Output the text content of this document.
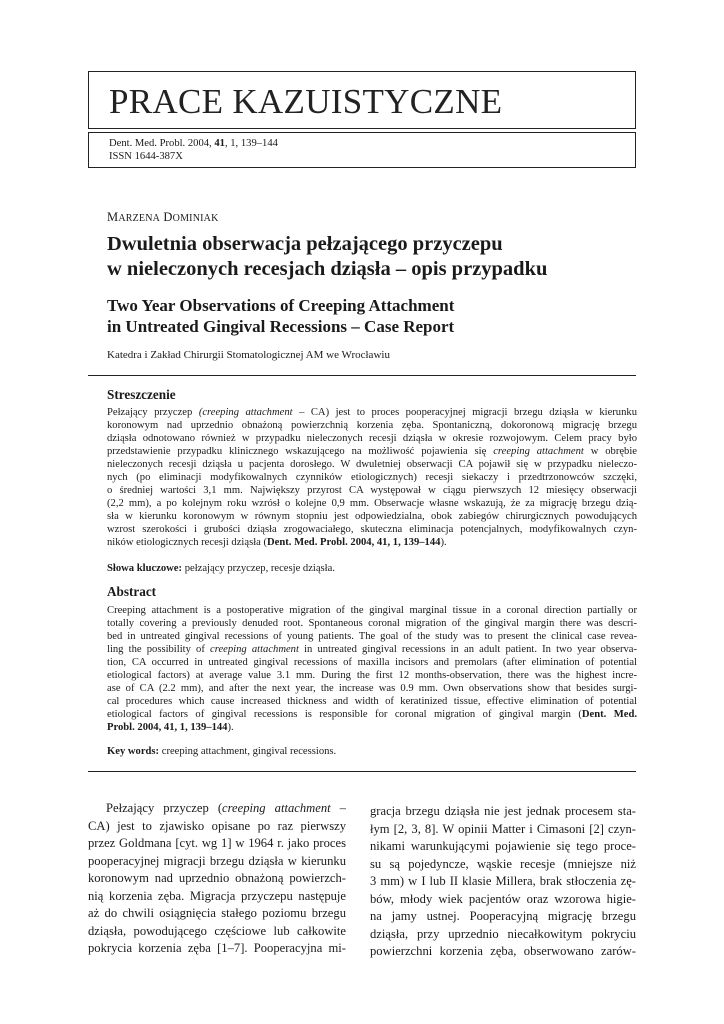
PRACE KAZUISTYCZNE
Dent. Med. Probl. 2004, 41, 1, 139–144
ISSN 1644-387X
MARZENA DOMINIAK
Dwuletnia obserwacja pełzającego przyczepu
w nieleczonych recesjach dziąsła – opis przypadku
Two Year Observations of Creeping Attachment
in Untreated Gingival Recessions – Case Report
Katedra i Zakład Chirurgii Stomatologicznej AM we Wrocławiu
Streszczenie
Pełzający przyczep (creeping attachment – CA) jest to proces pooperacyjnej migracji brzegu dziąsła w kierunku
koronowym nad uprzednio obnażoną powierzchnią korzenia zęba. Spontaniczną, dokoronową migrację brzegu
dziąsła odnotowano również w przypadku nieleczonych recesji dziąsła w okresie rozwojowym. Celem pracy było
przedstawienie przypadku klinicznego wskazującego na możliwość pojawienia się creeping attachment w obrębie
nieleczonych recesji dziąsła u pacjenta dorosłego. W dwuletniej obserwacji CA pojawił się w przypadku nieleczo-
nych (po eliminacji modyfikowalnych czynników etiologicznych) recesji siekaczy i przedtrzonowców szczęki,
o średniej wartości 3,1 mm. Największy przyrost CA występował w ciągu pierwszych 12 miesięcy obserwacji
(2,2 mm), a po kolejnym roku wzrósł o kolejne 0,9 mm. Obserwacje własne wskazują, że za migrację brzegu dzią-
sła w kierunku koronowym w równym stopniu jest odpowiedzialna, obok zabiegów chirurgicznych powodujących
wzrost szerokości i grubości dziąsła zrogowaciałego, skuteczna eliminacja potencjalnych, modyfikowalnych czyn-
ników etiologicznych recesji dziąsła (Dent. Med. Probl. 2004, 41, 1, 139–144).
Słowa kluczowe: pełzający przyczep, recesje dziąsła.
Abstract
Creeping attachment is a postoperative migration of the gingival marginal tissue in a coronal direction partially or
totally covering a previously denuded root. Spontaneous coronal migration of the gingival margin there was descri-
bed in untreated gingival recessions of young patients. The goal of the study was to present the clinical case revea-
ling the possibility of creeping attachment in untreated gingival recessions in an adult patient. In two year observa-
tion, CA occurred in untreated gingival recessions of maxilla incisors and premolars (after elimination of potential
etiological factors) at average value 3.1 mm. During the first 12 months-observation, there was the highest incre-
ase of CA (2.2 mm), and after the next year, the increase was 0.9 mm. Own observations show that besides surgi-
cal procedures which cause increased thickness and width of keratinized tissue, effective elimination of potential
etiological factors of gingival recessions is responsible for coronal migration of gingival margin (Dent. Med.
Probl. 2004, 41, 1, 139–144).
Key words: creeping attachment, gingival recessions.
Pełzający przyczep (creeping attachment –
CA) jest to zjawisko opisane po raz pierwszy
przez Goldmana [cyt. wg 1] w 1964 r. jako proces
pooperacyjnej migracji brzegu dziąsła w kierunku
koronowym nad uprzednio obnażoną powierzch-
nią korzenia zęba. Migracja przyczepu następuje
aż do chwili osiągnięcia stałego poziomu brzegu
dziąsła, powodującego częściowe lub całkowite
pokrycia korzenia zęba [1–7]. Pooperacyjna mi-
gracja brzegu dziąsła nie jest jednak procesem sta-
łym [2, 3, 8]. W opinii Matter i Cimasoni [2] czyn-
nikami warunkującymi pojawienie się tego proce-
su są pojedyncze, wąskie recesje (mniejsze niż
3 mm) w I lub II klasie Millera, brak stłoczenia zę-
bów, młody wiek pacjentów oraz wzorowa higie-
na jamy ustnej. Pooperacyjną migrację brzegu
dziąsła, przy uprzednio niecałkowitym pokryciu
powierzchni korzenia zęba, obserwowano zarów-
